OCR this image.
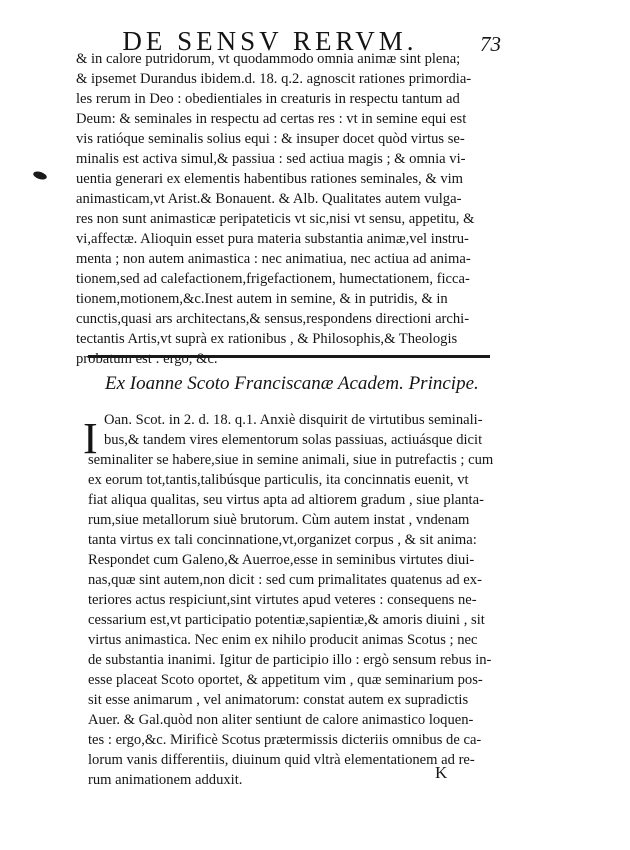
DE SENSV RERVM.	73
& in calore putridorum, vt quodammodo omnia animæ sint plena;
& ipsemet Durandus ibidem.d. 18. q.2. agnoscit rationes primordia-
les rerum in Deo : obedientiales in creaturis in respectu tantum ad
Deum: & seminales in respectu ad certas res : vt in semine equi est
vis ratióque seminalis solius equi : & insuper docet quòd virtus se-
minalis est activa simul,& passiua : sed actiua magis ; & omnia vi-
uentia generari ex elementis habentibus rationes seminales, & vim
animasticam,vt Arist.& Bonauent. & Alb. Qualitates autem vulga-
res non sunt animasticæ peripateticis vt sic,nisi vt sensu, appetitu, &
vi,affectæ. Alioquin esset pura materia substantia animæ,vel instru-
menta ; non autem animastica : nec animatiua, nec actiua ad anima-
tionem,sed ad calefactionem,frigefactionem, humectationem, ficca-
tionem,motionem,&c.Inest autem in semine, & in putridis, & in
cunctis,quasi ars architectans,& sensus,respondens directioni archi-
tectantis Artis,vt suprà ex rationibus , & Philosophis,& Theologis
probatum est : ergo, &c.
Ex Ioanne Scoto Franciscanæ Academ. Principe.
I Oan. Scot. in 2. d. 18. q.1. Anxiè disquirit de virtutibus seminali-
bus,& tandem vires elementorum solas passiuas, actiuásque dicit
seminaliter se habere,siue in semine animali, siue in putrefactis ; cum
ex eorum tot,tantis,talibúsque particulis, ita concinnatis euenit, vt
fiat aliqua qualitas, seu virtus apta ad altiorem gradum , siue planta-
rum,siue metallorum siuè brutorum. Cùm autem instat , vndenam
tanta virtus ex tali concinnatione,vt,organizet corpus , & sit anima:
Respondet cum Galeno,& Auerroe,esse in seminibus virtutes diui-
nas,quæ sint autem,non dicit : sed cum primalitates quatenus ad ex-
teriores actus respiciunt,sint virtutes apud veteres : consequens ne-
cessarium est,vt participatio potentiæ,sapientiæ,& amoris diuini , sit
virtus animastica. Nec enim ex nihilo producit animas Scotus ; nec
de substantia inanimi. Igitur de participio illo : ergò sensum rebus in-
esse placeat Scoto oportet, & appetitum vim , quæ seminarium pos-
sit esse animarum , vel animatorum: constat autem ex supradictis
Auer. & Gal.quòd non aliter sentiunt de calore animastico loquen-
tes : ergo,&c. Mirificè Scotus prætermissis dicteriis omnibus de ca-
lorum vanis differentiis, diuinum quid vltrà elementationem ad re-
rum animationem adduxit.	K
